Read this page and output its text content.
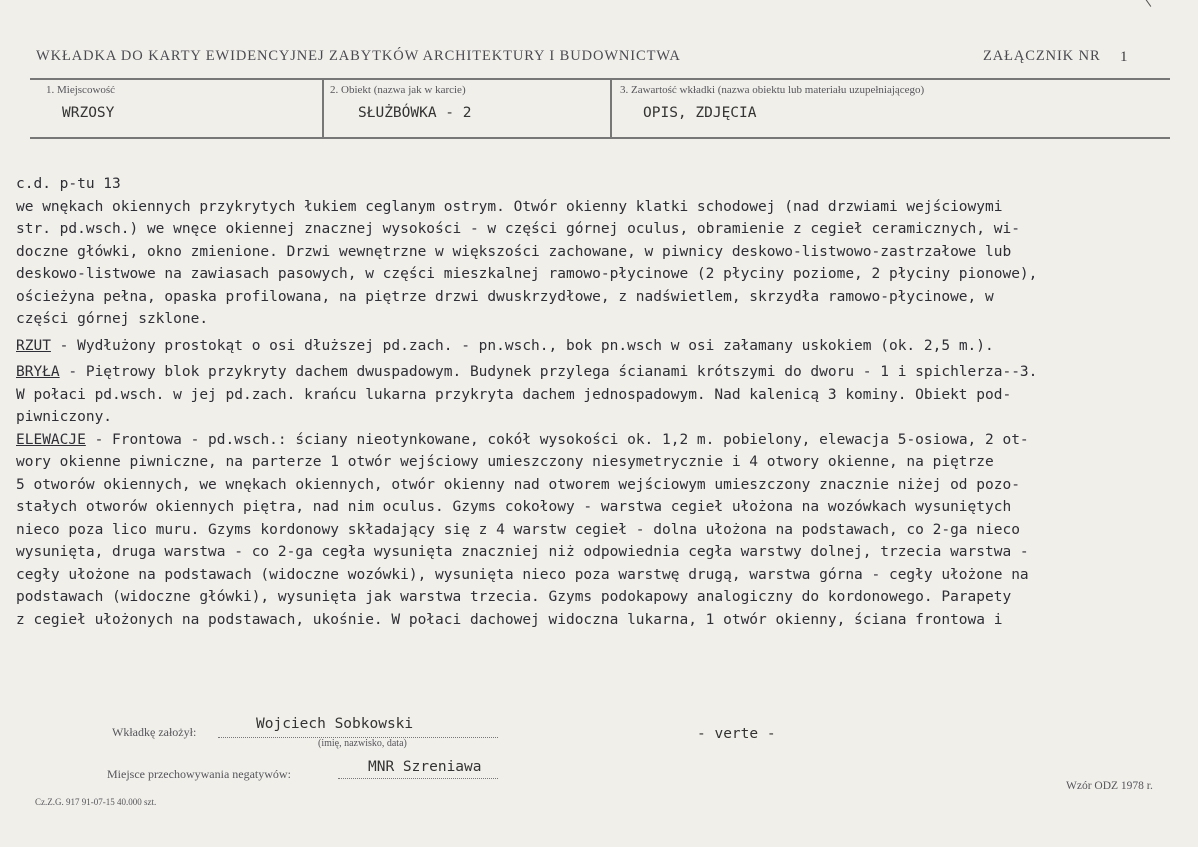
WKŁADKA DO KARTY EWIDENCYJNEJ ZABYTKÓW ARCHITEKTURY I BUDOWNICTWA	ZAŁĄCZNIK NR 1
1. Miejscowość
WRZOSY
2. Obiekt (nazwa jak w karcie)
SŁUŻBÓWKA - 2
3. Zawartość wkładki (nazwa obiektu lub materiału uzupełniającego)
OPIS, ZDJĘCIA
c.d. p-tu 13
we wnękach okiennych przykrytych łukiem ceglanym ostrym. Otwór okienny klatki schodowej (nad drzwiami wejściowymi
str. pd.wsch.) we wnęce okiennej znacznej wysokości - w części górnej oculus, obramienie z cegieł ceramicznych, wi-
doczne główki, okno zmienione. Drzwi wewnętrzne w większości zachowane, w piwnicy deskowo-listwowo-zastrzałowe lub
deskowo-listwowe na zawiasach pasowych, w części mieszkalnej ramowo-płycinowe (2 płyciny poziome, 2 płyciny pionowe),
ościeżyna pełna, opaska profilowana, na piętrze drzwi dwuskrzydłowe, z nadświetlem, skrzydła ramowo-płycinowe, w
części górnej szklone.
RZUT - Wydłużony prostokąt o osi dłuższej pd.zach. - pn.wsch., bok pn.wsch w osi załamany uskokiem (ok. 2,5 m.).
BRYŁA - Piętrowy blok przykryty dachem dwuspadowym. Budynek przylega ścianami krótszymi do dworu - 1 i spichlerza--3.
W połaci pd.wsch. w jej pd.zach. krańcu lukarna przykryta dachem jednospadowym. Nad kalenicą 3 kominy. Obiekt pod-
piwniczony.
ELEWACJE - Frontowa - pd.wsch.: ściany nieotynkowane, cokół wysokości ok. 1,2 m. pobielony, elewacja 5-osiowa, 2 ot-
wory okienne piwniczne, na parterze 1 otwór wejściowy umieszczony niesymetrycznie i 4 otwory okienne, na piętrze
5 otworów okiennych, we wnękach okiennych, otwór okienny nad otworem wejściowym umieszczony znacznie niżej od pozo-
stałych otworów okiennych piętra, nad nim oculus. Gzyms cokołowy - warstwa cegieł ułożona na wozówkach wysuniętych
nieco poza lico muru. Gzyms kordonowy składający się z 4 warstw cegieł - dolna ułożona na podstawach, co 2-ga nieco
wysunięta, druga warstwa - co 2-ga cegła wysunięta znaczniej niż odpowiednia cegła warstwy dolnej, trzecia warstwa -
cegły ułożone na podstawach (widoczne wozówki), wysunięta nieco poza warstwę drugą, warstwa górna - cegły ułożone na
podstawach (widoczne główki), wysunięta jak warstwa trzecia. Gzyms podokapowy analogiczny do kordonowego. Parapety
z cegieł ułożonych na podstawach, ukośnie. W połaci dachowej widoczna lukarna, 1 otwór okienny, ściana frontowa i
Wkładkę założył:	Wojciech Sobkowski
(imię, nazwisko, data)
- verte -
Miejsce przechowywania negatywów:	MNR Szreniawa
Cz.Z.G. 917 91-07-15 40.000 szt.
Wzór ODZ 1978 r.
